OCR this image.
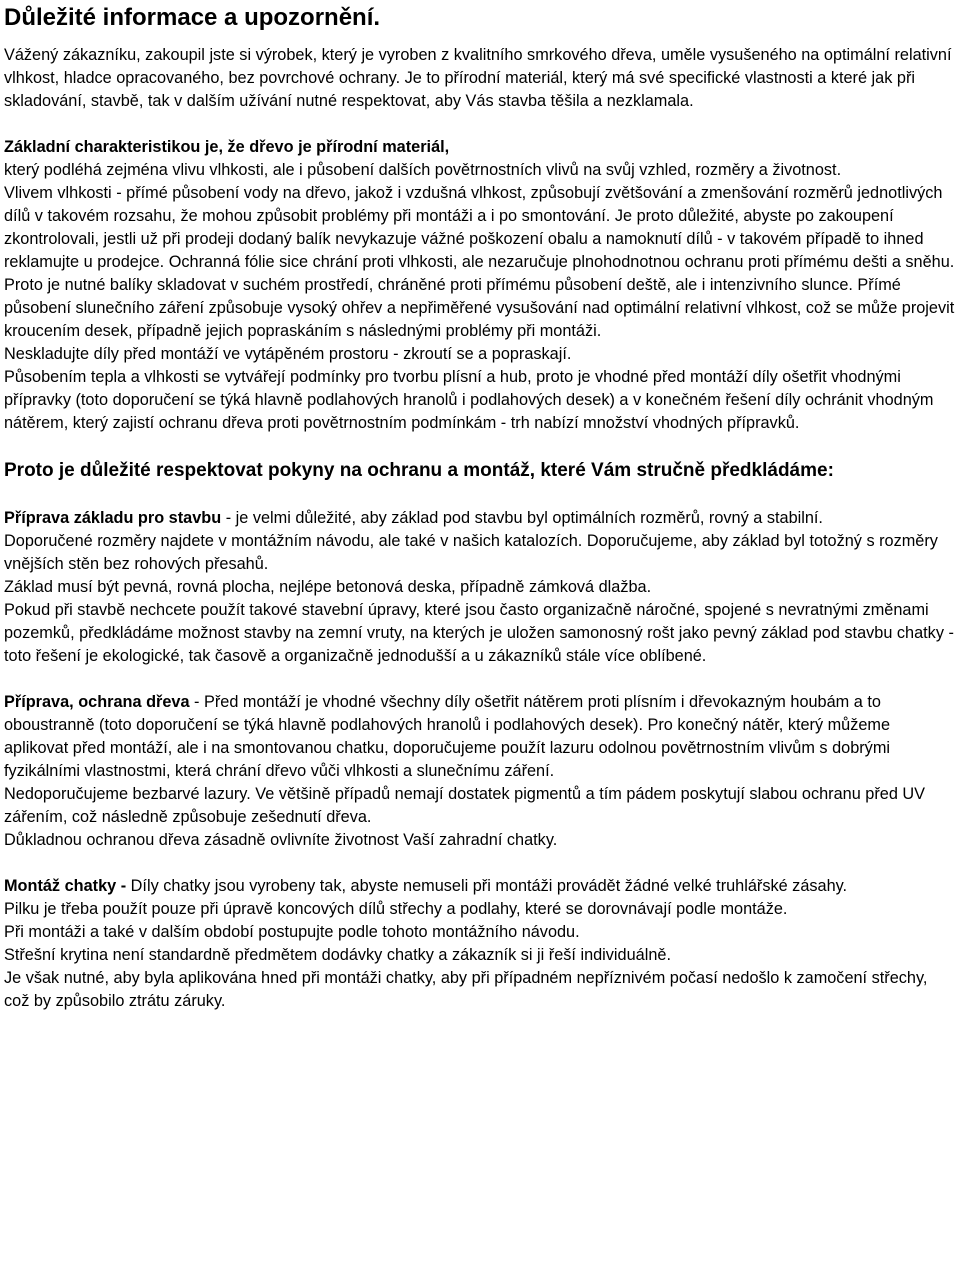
Důležité informace a upozornění.

Vážený zákazníku, zakoupil jste si výrobek, který je vyroben z kvalitního smrkového dřeva, uměle vysušeného na optimální relativní vlhkost, hladce opracovaného, bez povrchové ochrany. Je to přírodní materiál, který má své specifické vlastnosti a které jak při skladování, stavbě, tak v dalším užívání nutné respektovat, aby Vás stavba těšila a nezklamala.

Základní charakteristikou je, že dřevo je přírodní materiál,

který podléhá zejména vlivu vlhkosti, ale i působení dalších povětrnostních vlivů na svůj vzhled, rozměry a životnost.

Vlivem vlhkosti - přímé působení vody na dřevo, jakož i vzdušná vlhkost, způsobují zvětšování a zmenšování rozměrů jednotlivých dílů v takovém rozsahu, že mohou způsobit problémy při montáži a i po smontování. Je proto důležité, abyste po zakoupení zkontrolovali, jestli už při prodeji dodaný balík nevykazuje vážné poškození obalu a namoknutí dílů - v takovém případě to ihned reklamujte u prodejce. Ochranná fólie sice chrání proti vlhkosti, ale nezaručuje plnohodnotnou ochranu proti přímému dešti a sněhu.

Proto je nutné balíky skladovat v suchém prostředí, chráněné proti přímému působení deště, ale i intenzivního slunce. Přímé působení slunečního záření způsobuje vysoký ohřev a nepřiměřené vysušování nad optimální relativní vlhkost, což se může projevit kroucením desek, případně jejich popraskáním s následnými problémy při montáži.

Neskladujte díly před montáží ve vytápěném prostoru - zkroutí se a popraskají.

Působením tepla a vlhkosti se vytvářejí podmínky pro tvorbu plísní a hub, proto je vhodné před montáží díly ošetřit vhodnými přípravky (toto doporučení se týká hlavně podlahových hranolů i podlahových desek) a v konečném řešení díly ochránit vhodným nátěrem, který zajistí ochranu dřeva proti povětrnostním podmínkám - trh nabízí množství vhodných přípravků.

Proto je důležité respektovat pokyny na ochranu a montáž, které Vám stručně předkládáme:

Příprava základu pro stavbu - je velmi důležité, aby základ pod stavbu byl optimálních rozměrů, rovný a stabilní.

Doporučené rozměry najdete v montážním návodu, ale také v našich katalozích. Doporučujeme, aby základ byl totožný s rozměry vnějších stěn bez rohových přesahů.

Základ musí být pevná, rovná plocha, nejlépe betonová deska, případně zámková dlažba.

Pokud při stavbě nechcete použít takové stavební úpravy, které jsou často organizačně náročné, spojené s nevratnými změnami pozemků, předkládáme možnost stavby na zemní vruty, na kterých je uložen samonosný rošt jako pevný základ pod stavbu chatky - toto řešení je ekologické, tak časově a organizačně jednodušší a u zákazníků stále více oblíbené.

Příprava, ochrana dřeva - Před montáží je vhodné všechny díly ošetřit nátěrem proti plísním i dřevokazným houbám a to oboustranně (toto doporučení se týká hlavně podlahových hranolů i podlahových desek). Pro konečný nátěr, který můžeme aplikovat před montáží, ale i na smontovanou chatku, doporučujeme použít lazuru odolnou povětrnostním vlivům s dobrými fyzikálními vlastnostmi, která chrání dřevo vůči vlhkosti a slunečnímu záření.

Nedoporučujeme bezbarvé lazury. Ve většině případů nemají dostatek pigmentů a tím pádem poskytují slabou ochranu před UV zářením, což následně způsobuje zešednutí dřeva.

Důkladnou ochranou dřeva zásadně ovlivníte životnost Vaší zahradní chatky.

Montáž chatky - Díly chatky jsou vyrobeny tak, abyste nemuseli při montáži provádět žádné velké truhlářské zásahy.

Pilku je třeba použít pouze při úpravě koncových dílů střechy a podlahy, které se dorovnávají podle montáže.

Při montáži a také v dalším období postupujte podle tohoto montážního návodu.

Střešní krytina není standardně předmětem dodávky chatky a zákazník si ji řeší individuálně.

Je však nutné, aby byla aplikována hned při montáži chatky, aby při případném nepříznivém počasí nedošlo k zamočení střechy, což by způsobilo ztrátu záruky.
